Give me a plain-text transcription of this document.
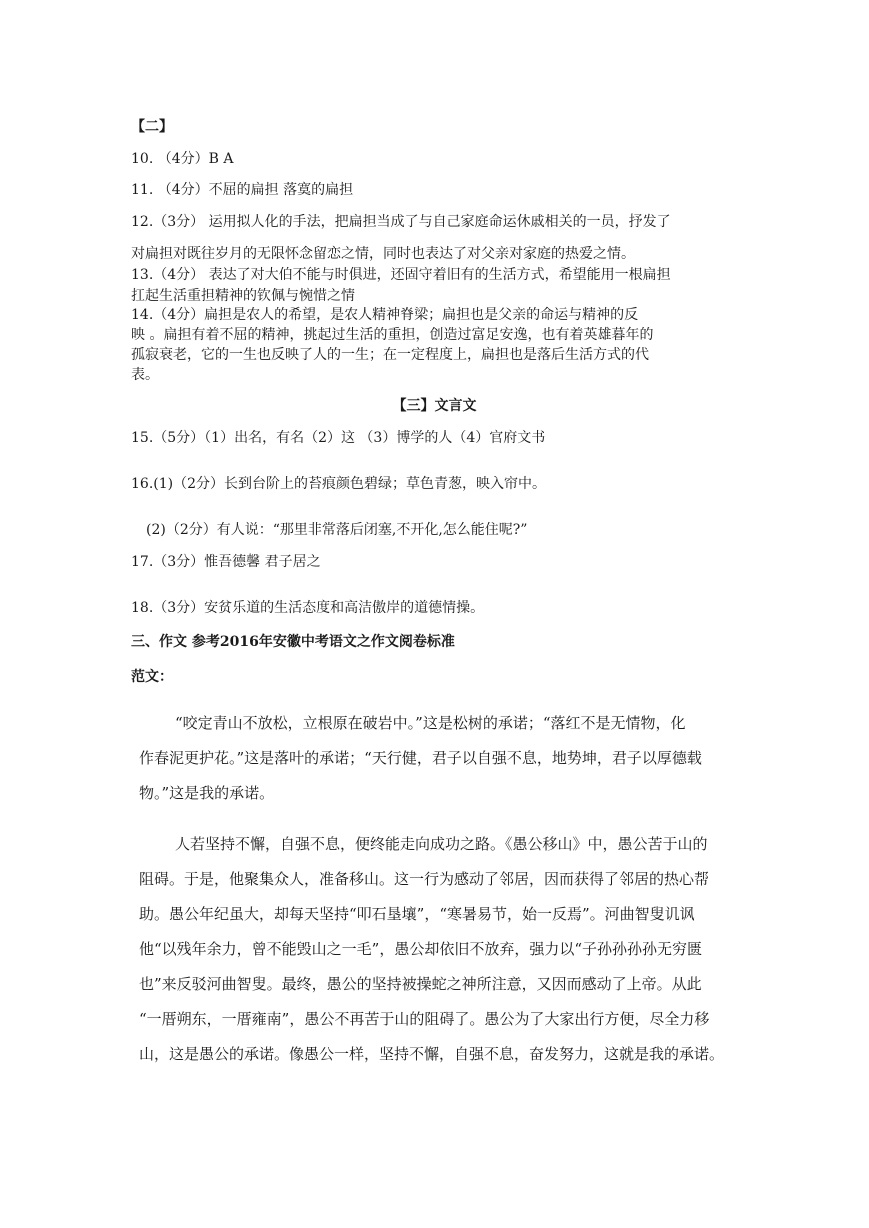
【二】
10. （4分）B A
11. （4分）不屈的扁担 落寞的扁担
12.（3分） 运用拟人化的手法，把扁担当成了与自己家庭命运休戚相关的一员，抒发了
对扁担对既往岁月的无限怀念留恋之情，同时也表达了对父亲对家庭的热爱之情。
13.（4分） 表达了对大伯不能与时俱进，还固守着旧有的生活方式，希望能用一根扁担
扛起生活重担精神的钦佩与惋惜之情
14.（4分）扁担是农人的希望，是农人精神脊梁；扁担也是父亲的命运与精神的反
映 。扁担有着不屈的精神，挑起过生活的重担，创造过富足安逸，也有着英雄暮年的
孤寂衰老，它的一生也反映了人的一生；在一定程度上，扁担也是落后生活方式的代
表。
【三】文言文
15.（5分）（1）出名，有名（2）这 （3）博学的人（4）官府文书
16.(1)（2分）长到台阶上的苔痕颜色碧绿；草色青葱，映入帘中。
(2)（2分）有人说：“那里非常落后闭塞,不开化,怎么能住呢?”
17.（3分）惟吾德馨 君子居之
18.（3分）安贫乐道的生活态度和高洁傲岸的道德情操。
三、作文 参考2016年安徽中考语文之作文阅卷标准
范文：
“咬定青山不放松，立根原在破岩中。”这是松树的承诺；“落红不是无情物，化
作春泥更护花。”这是落叶的承诺；“天行健，君子以自强不息，地势坤，君子以厚德载
物。”这是我的承诺。
人若坚持不懈，自强不息，便终能走向成功之路。《愚公移山》中，愚公苦于山的
阻碍。于是，他聚集众人，准备移山。这一行为感动了邻居，因而获得了邻居的热心帮
助。愚公年纪虽大，却每天坚持“叩石垦壤”，“寒暑易节，始一反焉”。河曲智叟讥讽
他“以残年余力，曾不能毁山之一毛”，愚公却依旧不放弃，强力以“子孙孙孙孙无穷匮
也”来反驳河曲智叟。最终，愚公的坚持被操蛇之神所注意，又因而感动了上帝。从此
“一厝朔东，一厝雍南”，愚公不再苦于山的阻碍了。愚公为了大家出行方便，尽全力移
山，这是愚公的承诺。像愚公一样，坚持不懈，自强不息，奋发努力，这就是我的承诺。
